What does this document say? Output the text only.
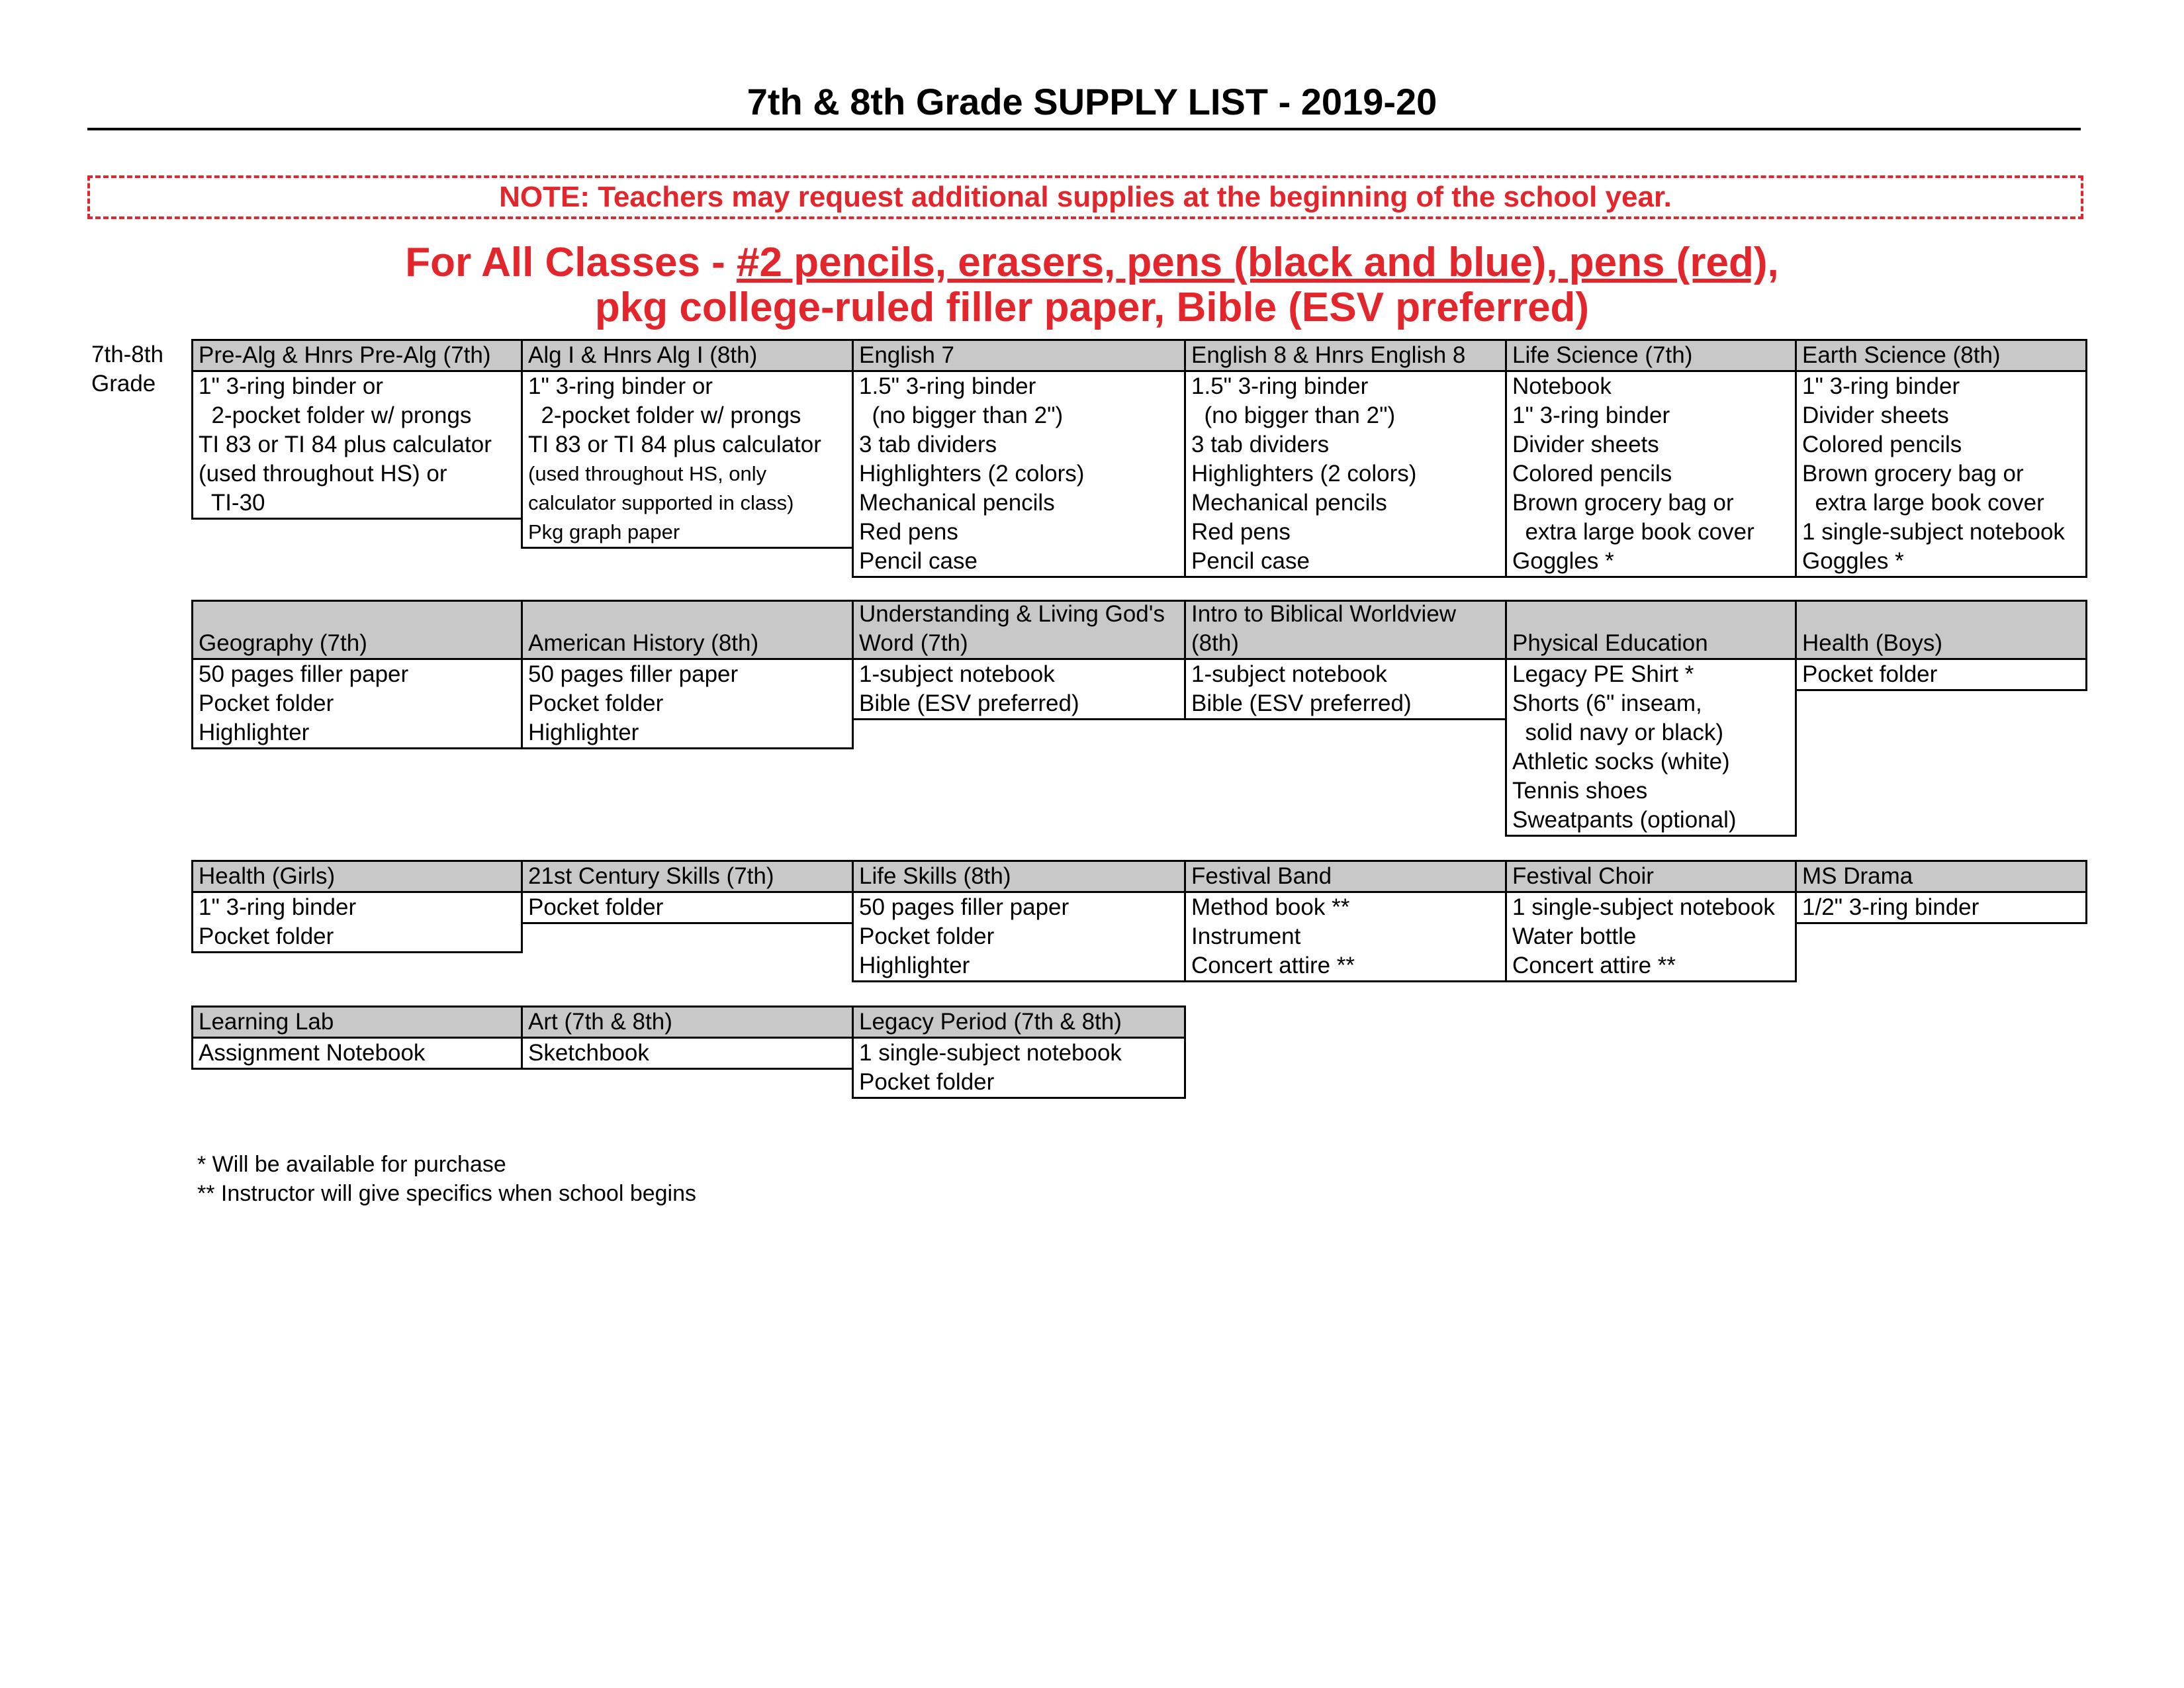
7th & 8th Grade SUPPLY LIST - 2019-20
NOTE: Teachers may request additional supplies at the beginning of the school year.
For All Classes - #2 pencils, erasers, pens (black and blue), pens (red),
pkg college-ruled filler paper, Bible (ESV preferred)
7th-8th
Grade
Pre-Alg & Hnrs Pre-Alg (7th)
1" 3-ring binder or
2-pocket folder w/ prongs
TI 83 or TI 84 plus calculator
(used throughout HS) or
TI-30
Alg I & Hnrs Alg I (8th)
1" 3-ring binder or
2-pocket folder w/ prongs
TI 83 or TI 84 plus calculator
(used throughout HS, only
calculator supported in class)
Pkg graph paper
English 7
1.5" 3-ring binder
(no bigger than 2")
3 tab dividers
Highlighters (2 colors)
Mechanical pencils
Red pens
Pencil case
English 8 & Hnrs English 8
1.5" 3-ring binder
(no bigger than 2")
3 tab dividers
Highlighters (2 colors)
Mechanical pencils
Red pens
Pencil case
Life Science (7th)
Notebook
1" 3-ring binder
Divider sheets
Colored pencils
Brown grocery bag or
extra large book cover
Goggles *
Earth Science (8th)
1" 3-ring binder
Divider sheets
Colored pencils
Brown grocery bag or
extra large book cover
1 single-subject notebook
Goggles *
Geography (7th)
50 pages filler paper
Pocket folder
Highlighter
American History (8th)
50 pages filler paper
Pocket folder
Highlighter
Understanding & Living God's
Word (7th)
1-subject notebook
Bible (ESV preferred)
Intro to Biblical Worldview
(8th)
1-subject notebook
Bible (ESV preferred)
Physical Education
Legacy PE Shirt *
Shorts (6" inseam,
solid navy or black)
Athletic socks (white)
Tennis shoes
Sweatpants (optional)
Health (Boys)
Pocket folder
Health (Girls)
1" 3-ring binder
Pocket folder
21st Century Skills (7th)
Pocket folder
Life Skills (8th)
50 pages filler paper
Pocket folder
Highlighter
Festival Band
Method book **
Instrument
Concert attire **
Festival Choir
1 single-subject notebook
Water bottle
Concert attire **
MS Drama
1/2" 3-ring binder
Learning Lab
Assignment Notebook
Art (7th & 8th)
Sketchbook
Legacy Period (7th & 8th)
1 single-subject notebook
Pocket folder
* Will be available for purchase
** Instructor will give specifics when school begins
